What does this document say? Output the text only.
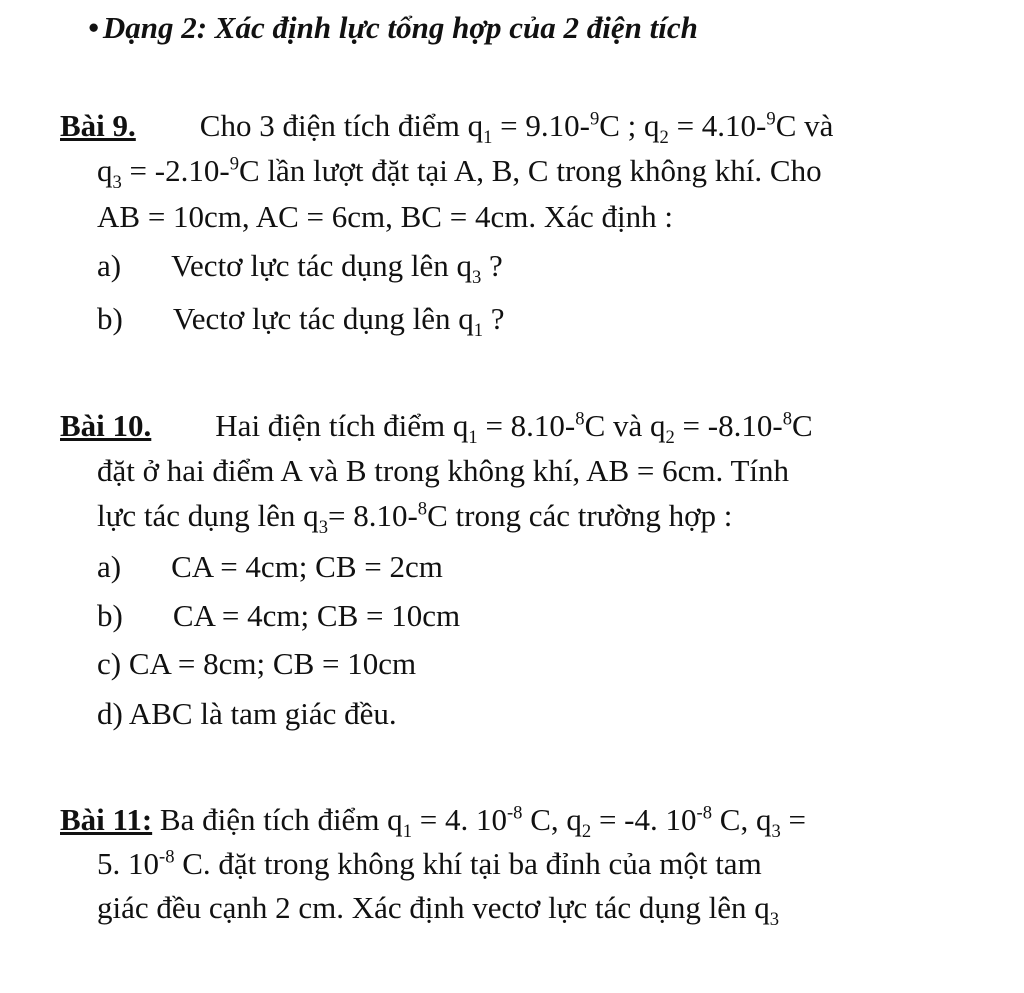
• Dạng 2: Xác định lực tổng hợp của 2 điện tích
Bài 9. Cho 3 điện tích điểm $q_1 = 9.10-^9C$ ; $q_2 = 4.10-^9C$ và
$q_3 = -2.10-^9C$ lần lượt đặt tại A, B, C trong không khí. Cho
AB = 10cm, AC = 6cm, BC = 4cm. Xác định :
a) Vectơ lực tác dụng lên $q_3$ ?
b) Vectơ lực tác dụng lên $q_1$ ?
Bài 10. Hai điện tích điểm $q_1 = 8.10-^8C$ và $q_2 = -8.10-^8C$
đặt ở hai điểm A và B trong không khí, AB = 6cm. Tính
lực tác dụng lên $q_3= 8.10-^8C$ trong các trường hợp :
a) CA = 4cm; CB = 2cm
b) CA = 4cm; CB = 10cm
c) CA = 8cm; CB = 10cm
d) ABC là tam giác đều.
Bài 11: Ba điện tích điểm $q_1 = 4$. $10^{-8}$ C, $q_2 = -4$. $10^{-8}$ C, $q_3$ =
5. $10^{-8}$ C. đặt trong không khí tại ba đỉnh của một tam
giác đều cạnh 2 cm. Xác định vectơ lực tác dụng lên $q_3$
